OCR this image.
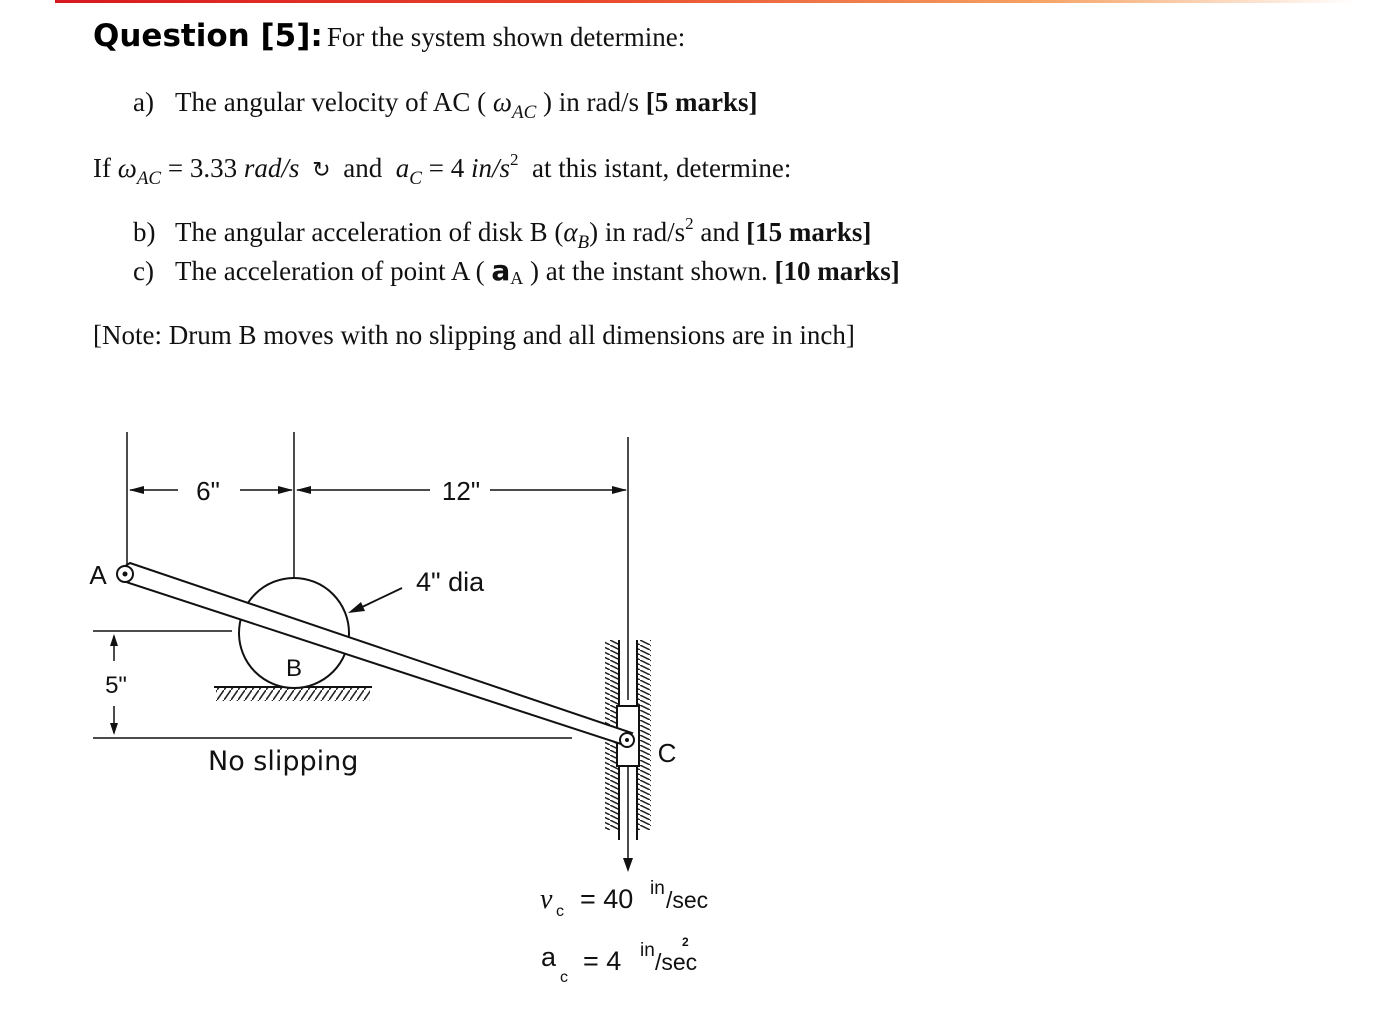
Question [5]: For the system shown determine:
a) The angular velocity of AC ( $\omega_{AC}$ ) in rad/s [5 marks]
If $\omega_{AC} = 3.33$ rad/s ↻ and $a_C = 4$ $in/s^2$ at this istant, determine:
b) The angular acceleration of disk B $(\alpha_B)$ in rad/$s^2$ and [15 marks]
c) The acceleration of point A ( aA ) at the instant shown. [10 marks]
[Note: Drum B moves with no slipping and all dimensions are in inch]
6"	12"
5"
B
A
C
4" dia
No slipping
v c = 40 in /sec
a
c
= 4 in /sec
2
